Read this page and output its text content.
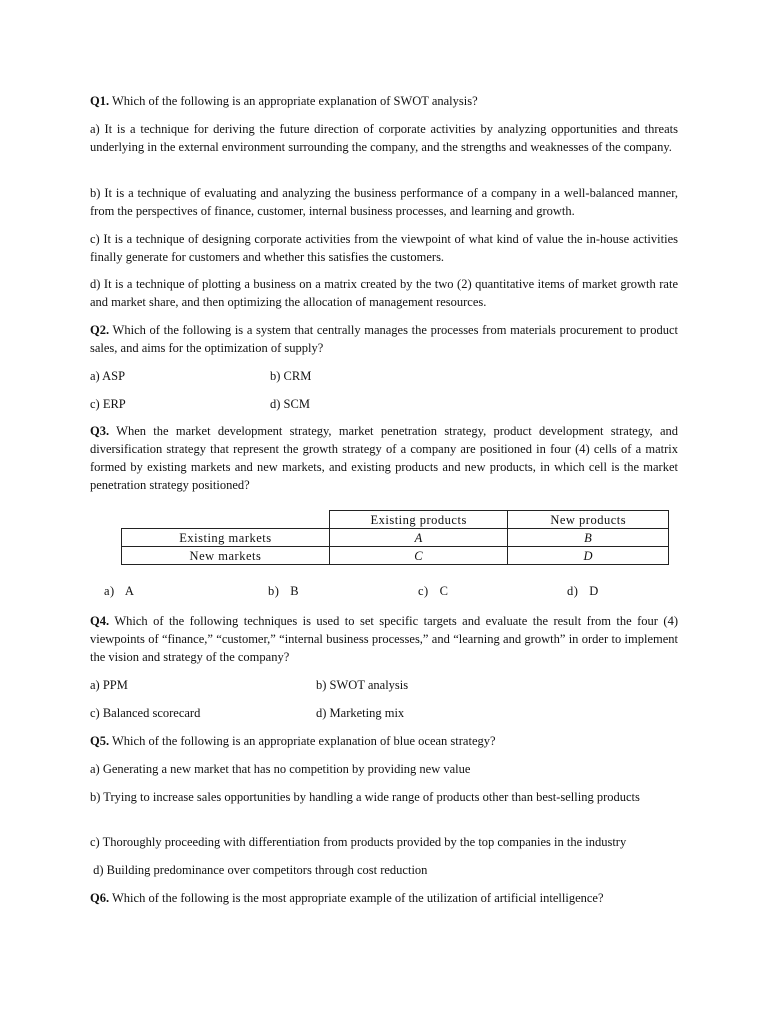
Q1. Which of the following is an appropriate explanation of SWOT analysis?

a) It is a technique for deriving the future direction of corporate activities by analyzing opportunities and threats underlying in the external environment surrounding the company, and the strengths and weaknesses of the company.

b) It is a technique of evaluating and analyzing the business performance of a company in a well-balanced manner, from the perspectives of finance, customer, internal business processes, and learning and growth.

c) It is a technique of designing corporate activities from the viewpoint of what kind of value the in-house activities finally generate for customers and whether this satisfies the customers.

d) It is a technique of plotting a business on a matrix created by the two (2) quantitative items of market growth rate and market share, and then optimizing the allocation of management resources.

Q2. Which of the following is a system that centrally manages the processes from materials procurement to product sales, and aims for the optimization of supply?

a) ASP	b) CRM
c) ERP	d) SCM

Q3. When the market development strategy, market penetration strategy, product development strategy, and diversification strategy that represent the growth strategy of a company are positioned in four (4) cells of a matrix formed by existing markets and new markets, and existing products and new products, in which cell is the market penetration strategy positioned?

	Existing products	New products
Existing markets	A	B
New markets	C	D
a)   A	b)   B	c)   C	d)   D

Q4. Which of the following techniques is used to set specific targets and evaluate the result from the four (4) viewpoints of “finance,” “customer,” “internal business processes,” and “learning and growth” in order to implement the vision and strategy of the company?

a) PPM	b) SWOT analysis
c) Balanced scorecard	d) Marketing mix

Q5. Which of the following is an appropriate explanation of blue ocean strategy?

a) Generating a new market that has no competition by providing new value

b) Trying to increase sales opportunities by handling a wide range of products other than best-selling products

c) Thoroughly proceeding with differentiation from products provided by the top companies in the industry

d) Building predominance over competitors through cost reduction

Q6. Which of the following is the most appropriate example of the utilization of artificial intelligence?
